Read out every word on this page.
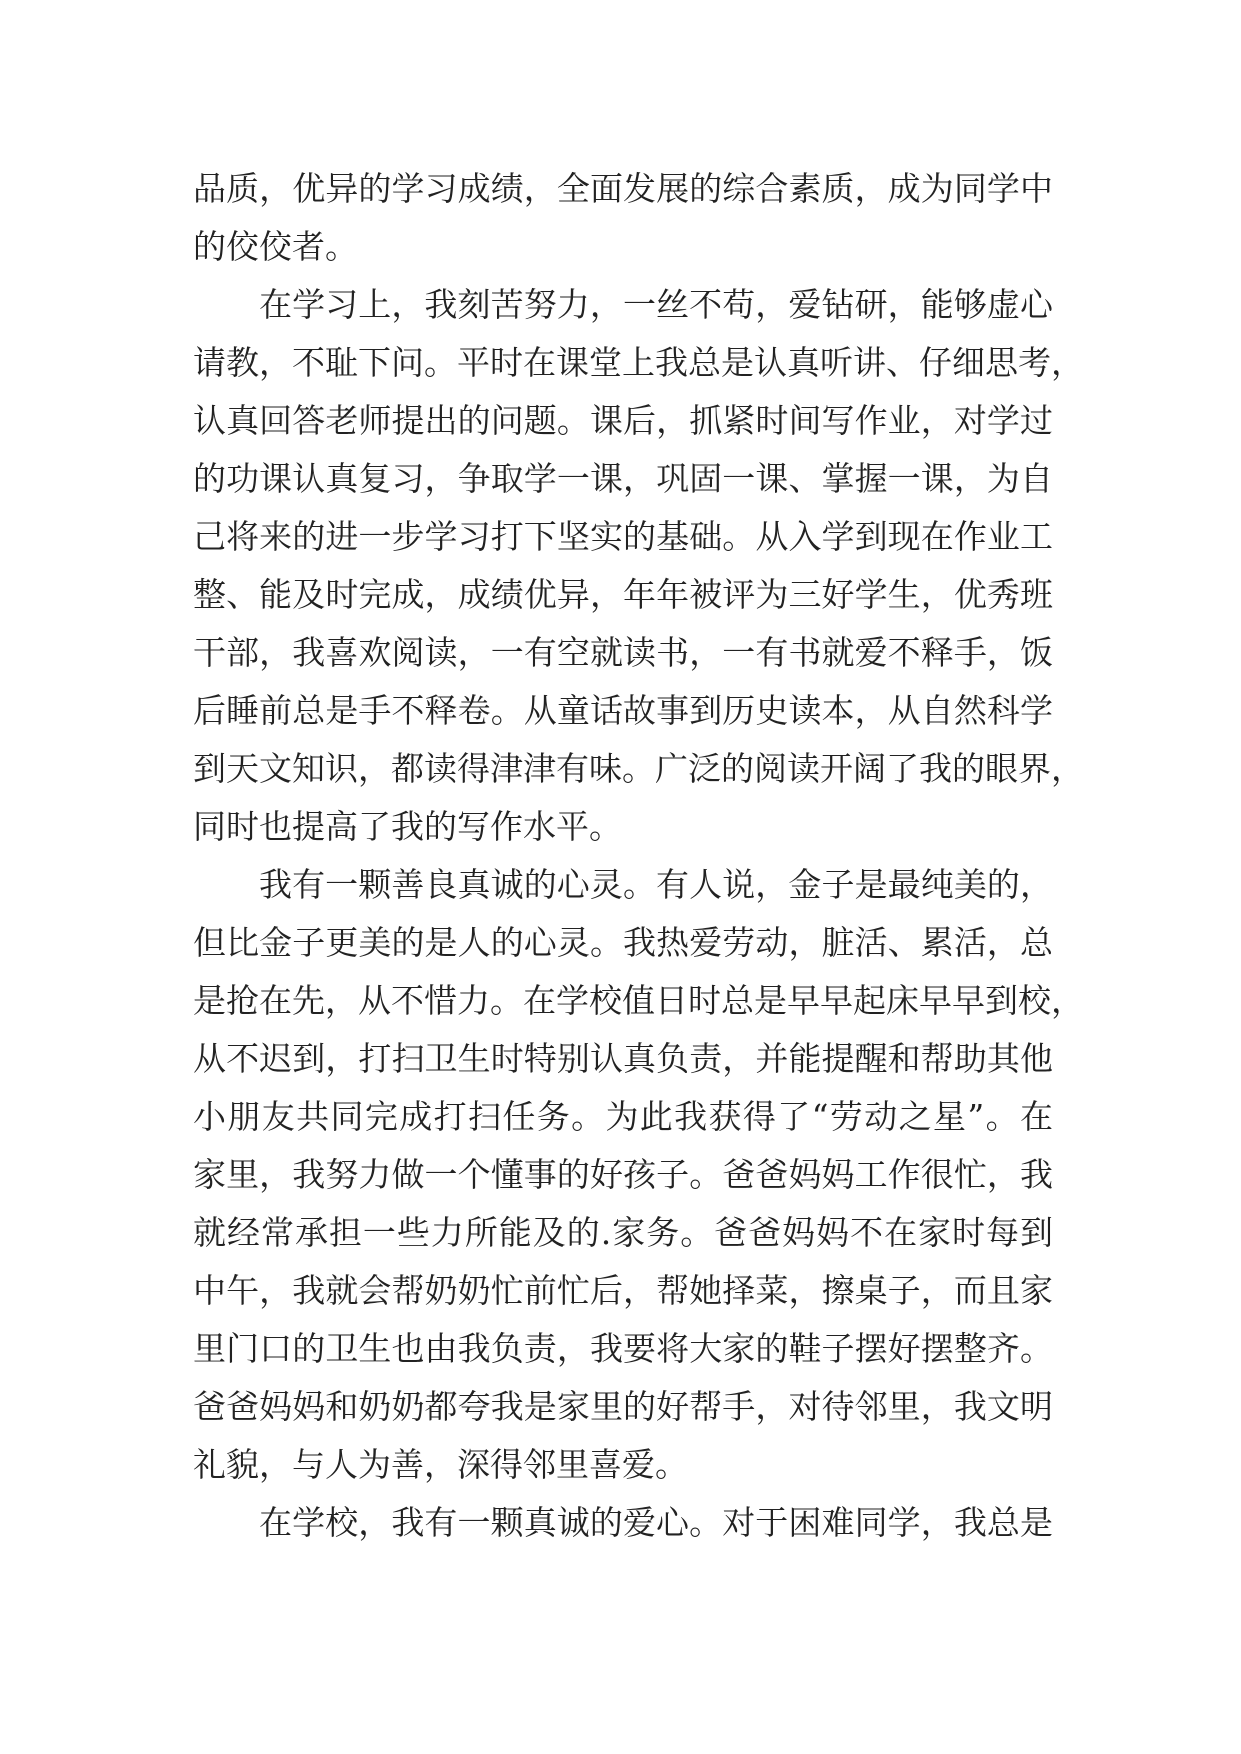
品质，优异的学习成绩，全面发展的综合素质，成为同学中
的佼佼者。
在学习上，我刻苦努力，一丝不苟，爱钻研，能够虚心
请教，不耻下问。平时在课堂上我总是认真听讲、仔细思考，
认真回答老师提出的问题。课后，抓紧时间写作业，对学过
的功课认真复习，争取学一课，巩固一课、掌握一课，为自
己将来的进一步学习打下坚实的基础。从入学到现在作业工
整、能及时完成，成绩优异，年年被评为三好学生，优秀班
干部，我喜欢阅读，一有空就读书，一有书就爱不释手，饭
后睡前总是手不释卷。从童话故事到历史读本，从自然科学
到天文知识，都读得津津有味。广泛的阅读开阔了我的眼界，
同时也提高了我的写作水平。
我有一颗善良真诚的心灵。有人说，金子是最纯美的，
但比金子更美的是人的心灵。我热爱劳动，脏活、累活，总
是抢在先，从不惜力。在学校值日时总是早早起床早早到校，
从不迟到，打扫卫生时特别认真负责，并能提醒和帮助其他
小朋友共同完成打扫任务。为此我获得了“劳动之星”。在
家里，我努力做一个懂事的好孩子。爸爸妈妈工作很忙，我
就经常承担一些力所能及的.家务。爸爸妈妈不在家时每到
中午，我就会帮奶奶忙前忙后，帮她择菜，擦桌子，而且家
里门口的卫生也由我负责，我要将大家的鞋子摆好摆整齐。
爸爸妈妈和奶奶都夸我是家里的好帮手，对待邻里，我文明
礼貌，与人为善，深得邻里喜爱。
在学校，我有一颗真诚的爱心。对于困难同学，我总是
